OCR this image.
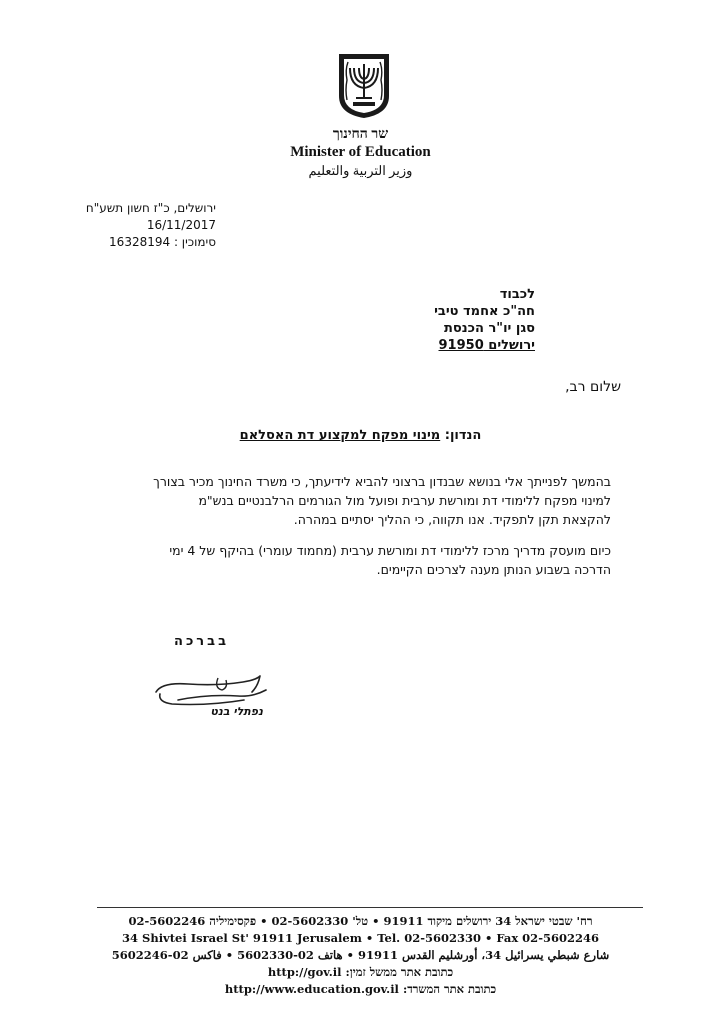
שר החינוך
Minister of Education
وزير التربية والتعليم
ירושלים, כ"ז חשון תשע"ח
16/11/2017
סימוכין : 16328194
לכבוד
חה"כ אחמד טיבי
סגן יו"ר הכנסת
ירושלים 91950
שלום רב,
הנדון: מינוי מפקח למקצוע דת האסלאם
בהמשך לפנייתך אלי בנושא שבנדון ברצוני להביא לידיעתך, כי משרד החינוך מכיר בצורך
למינוי מפקח ללימודי דת ומורשת ערבית ופועל מול הגורמים הרלבנטיים בנש"מ
להקצאת תקן לתפקיד. אנו תקווה, כי ההליך יסתיים במהרה.
כיום מועסק מדריך מרכז ללימודי דת ומורשת ערבית (מחמוד עומרי) בהיקף של 4 ימי
הדרכה בשבוע הנותן מענה לצרכים הקיימים.
בברכה
נפתלי בנט
רח' שבטי ישראל 34 ירושלים מיקוד 91911 • טל' 02-5602330 • פקסימיליה 02-5602246
34 Shivtei Israel St' 91911 Jerusalem • Tel. 02-5602330 • Fax 02-5602246
شارع شبطي يسرائيل 34، أورشليم القدس 91911 • هاتف 02-5602330 • فاكس 02-5602246
כתובת אתר ממשל זמין: http://gov.il
כתובת אתר המשרד: http://www.education.gov.il
